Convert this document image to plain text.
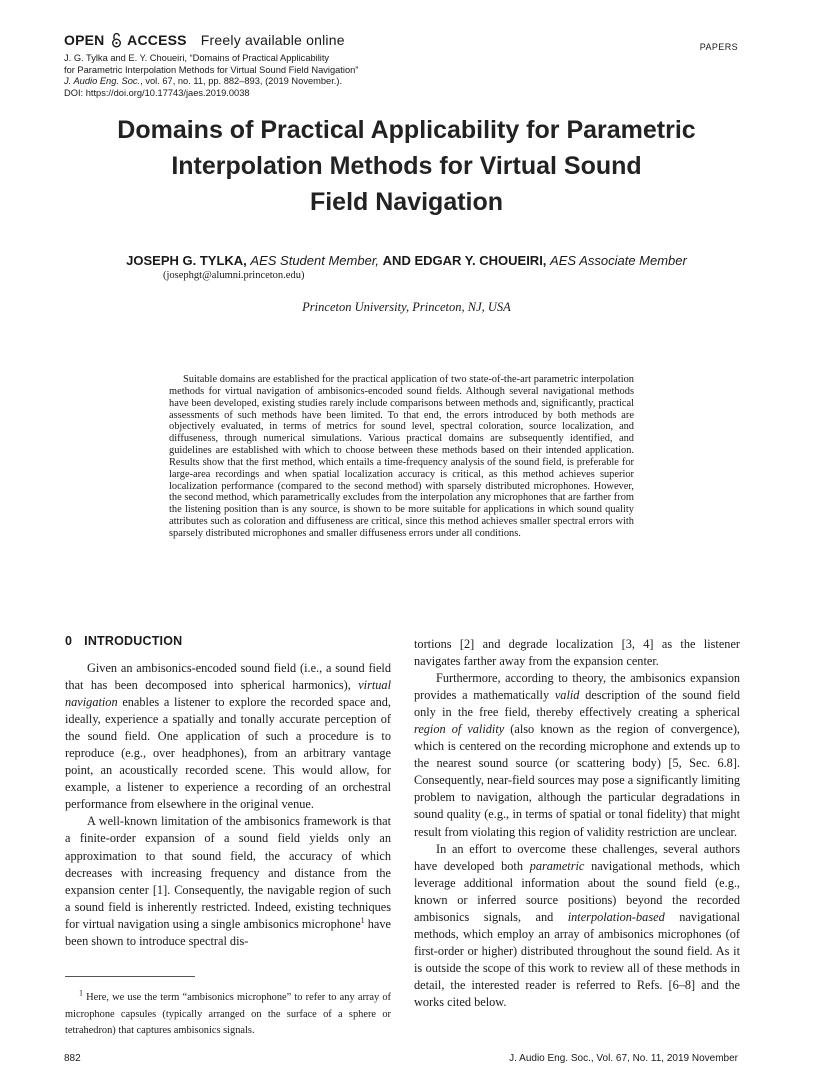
OPEN ACCESS Freely available online	PAPERS
J. G. Tylka and E. Y. Choueiri, “Domains of Practical Applicability
for Parametric Interpolation Methods for Virtual Sound Field Navigation”
J. Audio Eng. Soc., vol. 67, no. 11, pp. 882–893, (2019 November.).
DOI: https://doi.org/10.17743/jaes.2019.0038
Domains of Practical Applicability for Parametric
Interpolation Methods for Virtual Sound
Field Navigation
JOSEPH G. TYLKA, AES Student Member, AND EDGAR Y. CHOUEIRI, AES Associate Member
(josephgt@alumni.princeton.edu)
Princeton University, Princeton, NJ, USA

Suitable domains are established for the practical application of two state-of-the-art parametric interpolation methods for virtual navigation of ambisonics-encoded sound fields. Although several navigational methods have been developed, existing studies rarely include comparisons between methods and, significantly, practical assessments of such methods have been limited. To that end, the errors introduced by both methods are objectively evaluated, in terms of metrics for sound level, spectral coloration, source localization, and diffuseness, through numerical simulations. Various practical domains are subsequently identified, and guidelines are established with which to choose between these methods based on their intended application. Results show that the first method, which entails a time-frequency analysis of the sound field, is preferable for large-area recordings and when spatial localization accuracy is critical, as this method achieves superior localization performance (compared to the second method) with sparsely distributed microphones. However, the second method, which parametrically excludes from the interpolation any microphones that are farther from the listening position than is any source, is shown to be more suitable for applications in which sound quality attributes such as coloration and diffuseness are critical, since this method achieves smaller spectral errors with sparsely distributed microphones and smaller diffuseness errors under all conditions.

0 INTRODUCTION

Given an ambisonics-encoded sound field (i.e., a sound field that has been decomposed into spherical harmonics), virtual navigation enables a listener to explore the recorded space and, ideally, experience a spatially and tonally accurate perception of the sound field. One application of such a procedure is to reproduce (e.g., over headphones), from an arbitrary vantage point, an acoustically recorded scene. This would allow, for example, a listener to experience a recording of an orchestral performance from elsewhere in the original venue.

A well-known limitation of the ambisonics framework is that a finite-order expansion of a sound field yields only an approximation to that sound field, the accuracy of which decreases with increasing frequency and distance from the expansion center [1]. Consequently, the navigable region of such a sound field is inherently restricted. Indeed, existing techniques for virtual navigation using a single ambisonics microphone$^1$ have been shown to introduce spectral dis-

tortions [2] and degrade localization [3, 4] as the listener navigates farther away from the expansion center.

Furthermore, according to theory, the ambisonics expansion provides a mathematically valid description of the sound field only in the free field, thereby effectively creating a spherical region of validity (also known as the region of convergence), which is centered on the recording microphone and extends up to the nearest sound source (or scattering body) [5, Sec. 6.8]. Consequently, near-field sources may pose a significantly limiting problem to navigation, although the particular degradations in sound quality (e.g., in terms of spatial or tonal fidelity) that might result from violating this region of validity restriction are unclear.

In an effort to overcome these challenges, several authors have developed both parametric navigational methods, which leverage additional information about the sound field (e.g., known or inferred source positions) beyond the recorded ambisonics signals, and interpolation-based navigational methods, which employ an array of ambisonics microphones (of first-order or higher) distributed throughout the sound field. As it is outside the scope of this work to review all of these methods in detail, the interested reader is referred to Refs. [6–8] and the works cited below.

$^1$ Here, we use the term “ambisonics microphone” to refer to any array of microphone capsules (typically arranged on the surface of a sphere or tetrahedron) that captures ambisonics signals.

882	J. Audio Eng. Soc., Vol. 67, No. 11, 2019 November
